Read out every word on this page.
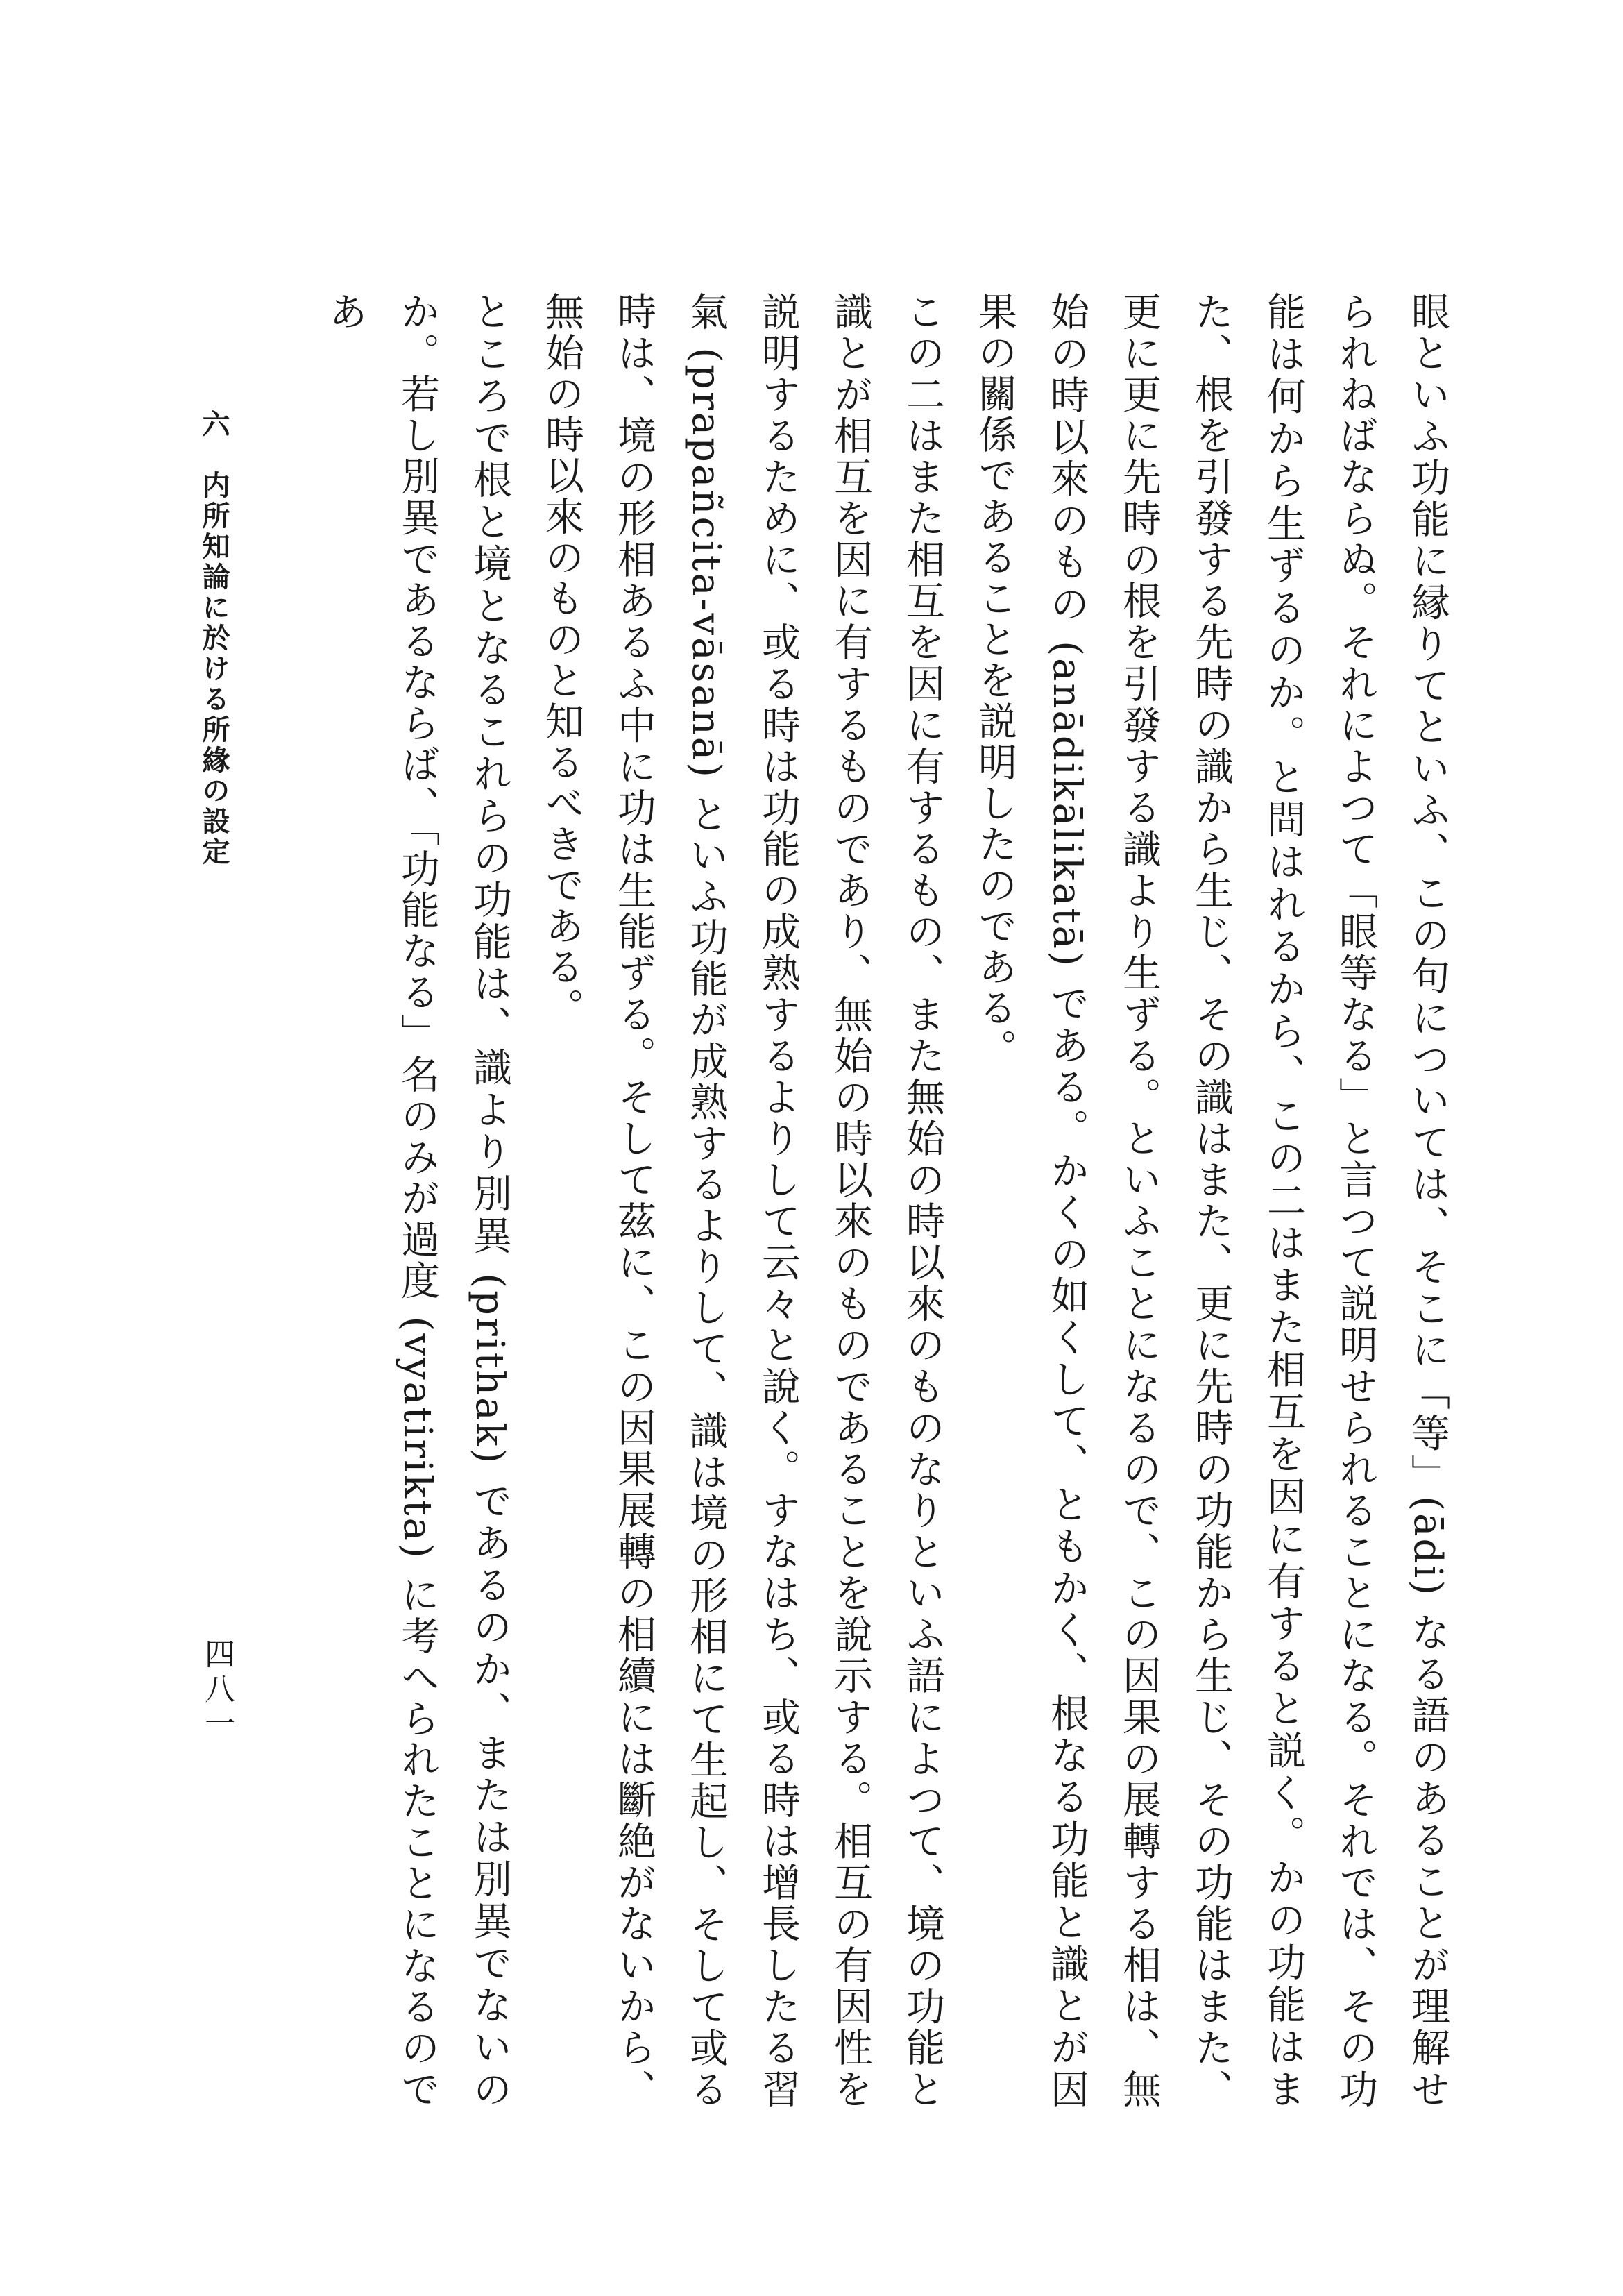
眼といふ功能に縁りてといふ、この句については、そこに「等」(ādi) なる語のあることが理解せられねばならぬ。それによつて「眼等なる」と言つて説明せられることになる。それでは、その功能は何から生ずるのか。と問はれるから、この二はまた相互を因に有すると説く。かの功能はまた、根を引發する先時の識から生じ、その識はまた、更に先時の功能から生じ、その功能はまた、更に更に先時の根を引發する識より生ずる。といふことになるので、この因果の展轉する相は、無始の時以來のもの (anādikālikatā) である。かくの如くして、ともかく、根なる功能と識とが因果の關係であることを説明したのである。

この二はまた相互を因に有するもの、また無始の時以來のものなりといふ語によつて、境の功能と識とが相互を因に有するものであり、無始の時以來のものであることを說示する。相互の有因性を説明するために、或る時は功能の成熟するよりして云々と說く。すなはち、或る時は增長したる習氣 (prapañcita-vāsanā) といふ功能が成熟するよりして、識は境の形相にて生起し、そして或る時は、境の形相あるふ中に功は生能ずる。そして茲に、この因果展轉の相續には斷絶がないから、無始の時以來のものと知るべきである。

ところで根と境となるこれらの功能は、識より別異 (prithak) であるのか、または別異でないのか。若し別異であるならば、「功能なる」名のみが過度 (vyatirikta) に考へられたことになるのであ

六　内所知論に於ける所緣の設定
四八一
